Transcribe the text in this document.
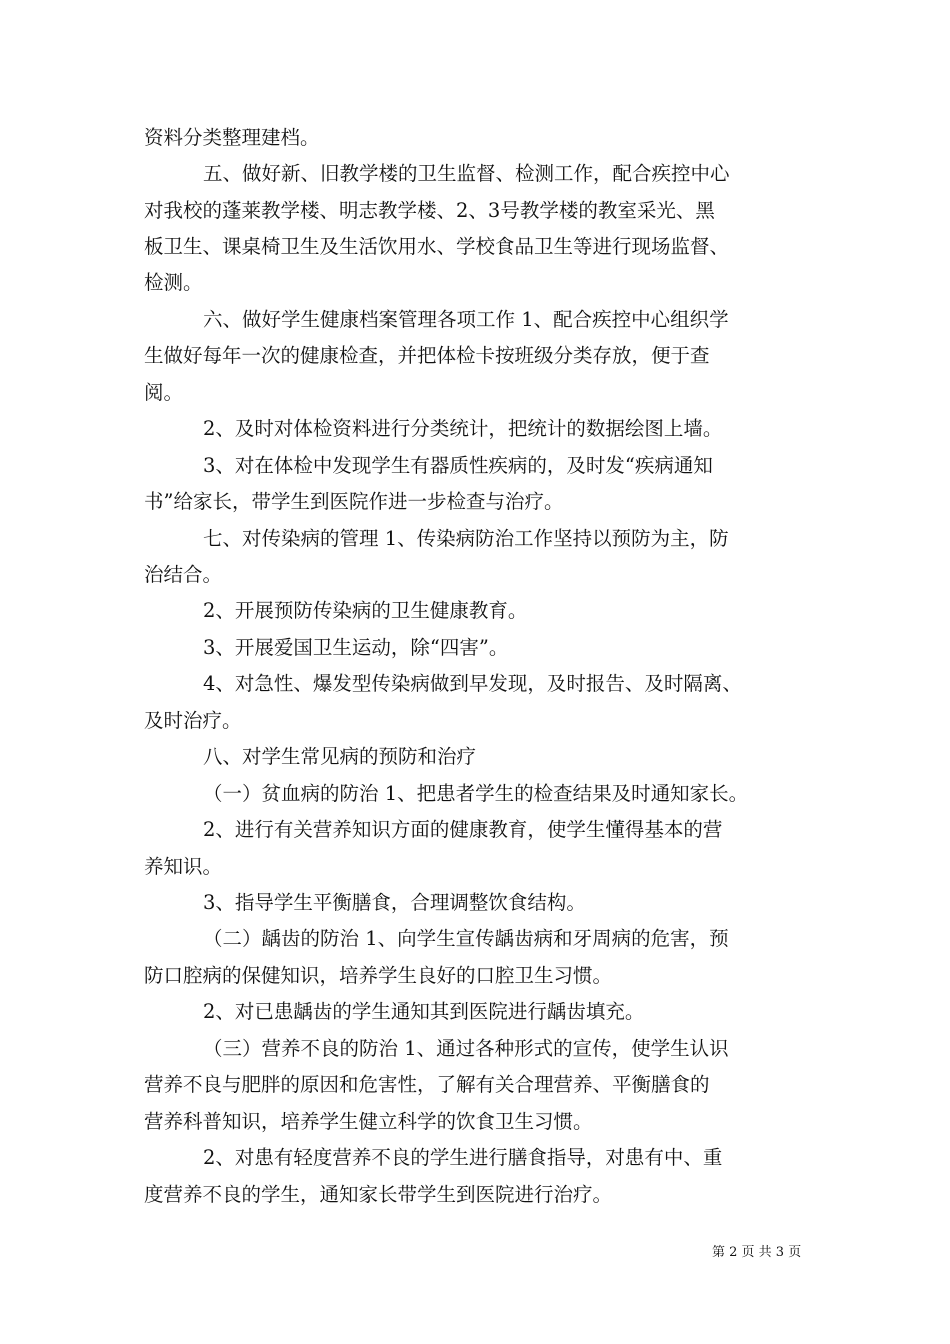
资料分类整理建档。
五、做好新、旧教学楼的卫生监督、检测工作，配合疾控中心
对我校的蓬莱教学楼、明志教学楼、2、3号教学楼的教室采光、黑
板卫生、课桌椅卫生及生活饮用水、学校食品卫生等进行现场监督、
检测。
六、做好学生健康档案管理各项工作 1、配合疾控中心组织学
生做好每年一次的健康检查，并把体检卡按班级分类存放，便于查
阅。
2、及时对体检资料进行分类统计，把统计的数据绘图上墙。
3、对在体检中发现学生有器质性疾病的，及时发“疾病通知
书”给家长，带学生到医院作进一步检查与治疗。
七、对传染病的管理 1、传染病防治工作坚持以预防为主，防
治结合。
2、开展预防传染病的卫生健康教育。
3、开展爱国卫生运动，除“四害”。
4、对急性、爆发型传染病做到早发现，及时报告、及时隔离、
及时治疗。
八、对学生常见病的预防和治疗
（一）贫血病的防治 1、把患者学生的检查结果及时通知家长。
2、进行有关营养知识方面的健康教育，使学生懂得基本的营
养知识。
3、指导学生平衡膳食，合理调整饮食结构。
（二）龋齿的防治 1、向学生宣传龋齿病和牙周病的危害，预
防口腔病的保健知识，培养学生良好的口腔卫生习惯。
2、对已患龋齿的学生通知其到医院进行龋齿填充。
（三）营养不良的防治 1、通过各种形式的宣传，使学生认识
营养不良与肥胖的原因和危害性，了解有关合理营养、平衡膳食的
营养科普知识，培养学生健立科学的饮食卫生习惯。
2、对患有轻度营养不良的学生进行膳食指导，对患有中、重
度营养不良的学生，通知家长带学生到医院进行治疗。
第 2 页 共 3 页
